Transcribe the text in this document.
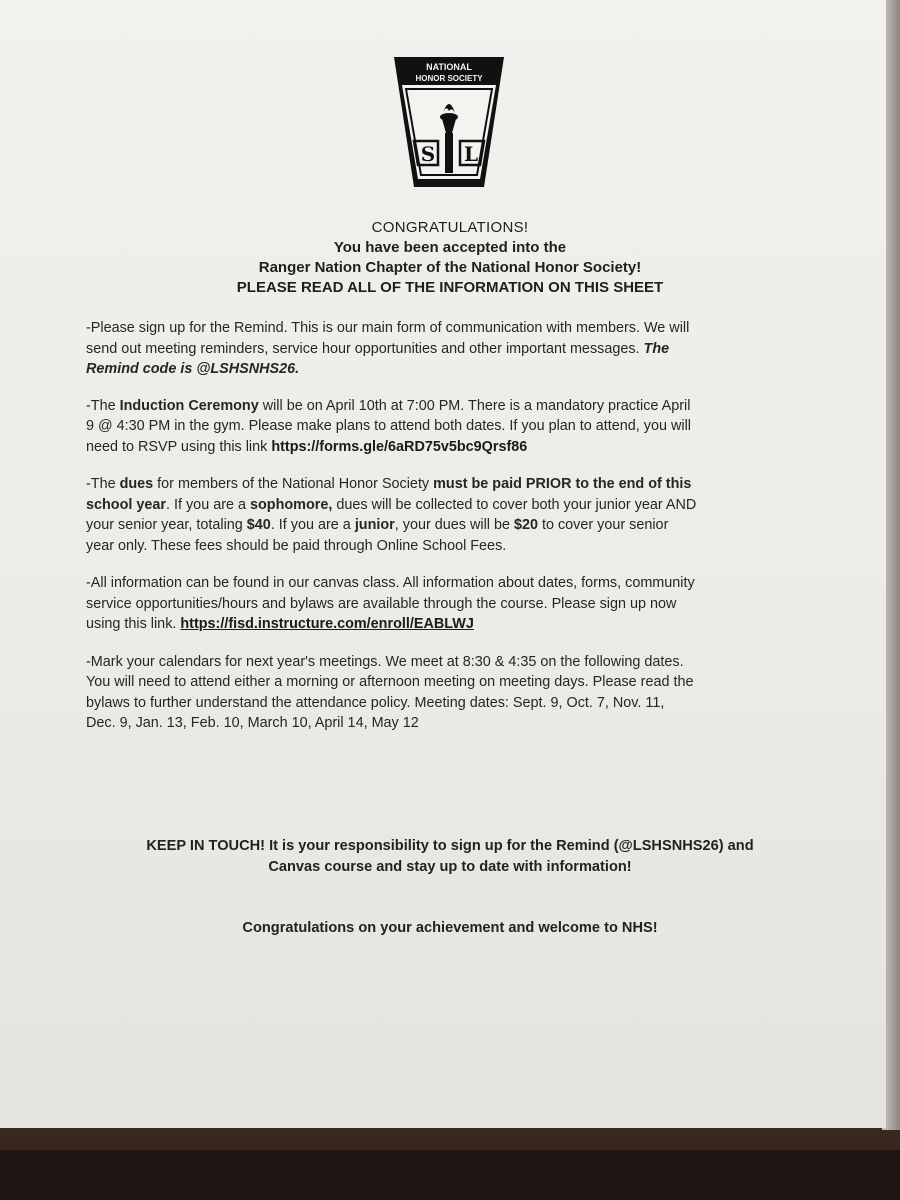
NATIONAL
HONOR SOCIETY
S L
CONGRATULATIONS!
You have been accepted into the
Ranger Nation Chapter of the National Honor Society!
PLEASE READ ALL OF THE INFORMATION ON THIS SHEET
-Please sign up for the Remind. This is our main form of communication with members. We will
send out meeting reminders, service hour opportunities and other important messages. The
Remind code is @LSHSNHS26.
-The Induction Ceremony will be on April 10th at 7:00 PM. There is a mandatory practice April
9 @ 4:30 PM in the gym. Please make plans to attend both dates. If you plan to attend, you will
need to RSVP using this link https://forms.gle/6aRD75v5bc9Qrsf86
-The dues for members of the National Honor Society must be paid PRIOR to the end of this
school year. If you are a sophomore, dues will be collected to cover both your junior year AND
your senior year, totaling $40. If you are a junior, your dues will be $20 to cover your senior
year only. These fees should be paid through Online School Fees.
-All information can be found in our canvas class. All information about dates, forms, community
service opportunities/hours and bylaws are available through the course. Please sign up now
using this link. https://fisd.instructure.com/enroll/EABLWJ
-Mark your calendars for next year's meetings. We meet at 8:30 & 4:35 on the following dates.
You will need to attend either a morning or afternoon meeting on meeting days. Please read the
bylaws to further understand the attendance policy. Meeting dates: Sept. 9, Oct. 7, Nov. 11,
Dec. 9, Jan. 13, Feb. 10, March 10, April 14, May 12
KEEP IN TOUCH! It is your responsibility to sign up for the Remind (@LSHSNHS26) and
Canvas course and stay up to date with information!
Congratulations on your achievement and welcome to NHS!
